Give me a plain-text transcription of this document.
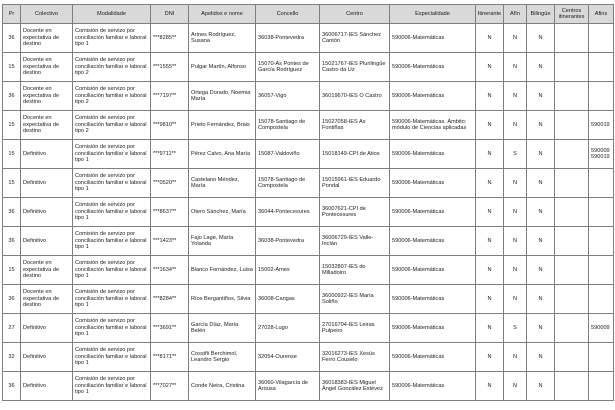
Pr	Colectivo	Modalidade	DNI	Apelidos e nome	Concello	Centro	Especialidade	Itinerante	Afín	Bilingüe	Centros itinerantes	Afins
36	Docente en expectativa de destino	Comisión de servizo por conciliación familiar e laboral tipo 1	***8285**	Arines Rodríguez, Susana	36038-Pontevedra	36006717-IES Sánchez Cantón	590006-Matemáticas	N	N	N		
15	Docente en expectativa de destino	Comisión de servizo por conciliación familiar e laboral tipo 2	***1555**	Pulgar Martín, Alfonso	15070-As Pontes de García Rodríguez	15021767-IES Plurilingüe Castro da Uz	590006-Matemáticas	N	N	N		
36	Docente en expectativa de destino	Comisión de servizo por conciliación familiar e laboral tipo 2	***7197**	Ortega Dorado, Noemia María	36057-Vigo	36019670-IES O Castro	590006-Matemáticas	N	N	N		
15	Docente en expectativa de destino	Comisión de servizo por conciliación familiar e laboral tipo 2	***9810**	Prieto Fernández, Brais	15078-Santiago de Compostela	15027058-IES As Fontiñas	590006-Matemáticas. Ámbito: módulo de Ciencias aplicadas	N	N	N		590019
15	Definitivo	Comisión de servizo por conciliación familiar e laboral tipo 1	***9711**	Pérez Calvo, Ana María	15087-Valdoviño	15018149-CPI de Atios	590006-Matemáticas	N	S	N		590009 590019
15	Definitivo	Comisión de servizo por conciliación familiar e laboral tipo 1	***0520**	Castelano Méndez, María	15078-Santiago de Compostela	15015961-IES Eduardo Pondal	590006-Matemáticas	N	N	N		
36	Definitivo	Comisión de servizo por conciliación familiar e laboral tipo 1	***8637**	Otero Sánchez, María	36044-Pontecesures	36007621-CPI de Pontecesures	590006-Matemáticas	N	N	N		
36	Definitivo	Comisión de servizo por conciliación familiar e laboral tipo 1	***1423**	Fajo Lage, María Yolanda	36038-Pontevedra	36006729-IES Valle-Inclán	590006-Matemáticas	N	N	N		
15	Docente en expectativa de destino	Comisión de servizo por conciliación familiar e laboral tipo 1	***1634**	Blanco Fernández, Luisa	15002-Ames	15032807-IES do Milladoiro	590006-Matemáticas	N	N	N		
36	Docente en expectativa de destino	Comisión de servizo por conciliación familiar e laboral tipo 1	***8284**	Ríos Bergantiños, Silvia	36008-Cangas	36000922-IES María Soliño	590006-Matemáticas	N	N	N		
27	Definitivo	Comisión de servizo por conciliación familiar e laboral tipo 1	***3691**	García Díaz, María Belén	27028-Lugo	27016704-IES Leiras Pulpeiro	590006-Matemáticas	N	S	N		590009
32	Definitivo	Comisión de servizo por conciliación familiar e laboral tipo 1	***8171**	Cossiñi Berchimol, Leandro Sergio	32054-Ourense	32016273-IES Xesús Ferro Couselo	590006-Matemáticas	N	N	N		
36	Definitivo	Comisión de servizo por conciliación familiar e laboral tipo 1	***7027**	Conde Neira, Cristina	36060-Vilagarcía de Arousa	36018383-IES Miguel Ángel González Estévez	590006-Matemáticas	N	N	N		
